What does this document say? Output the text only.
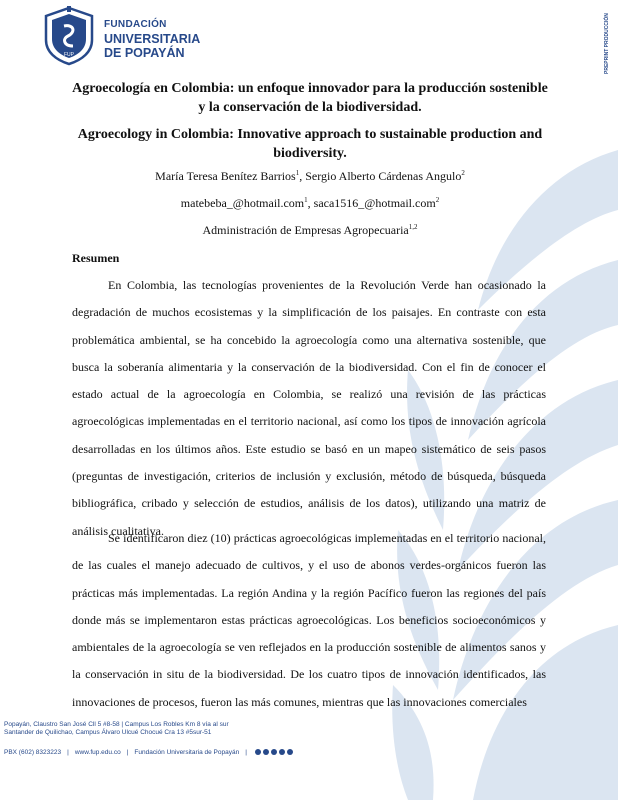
FUP
FUNDACIÓN
UNIVERSITARIA
DE POPAYÁN	PREPRINT PRODUCCIÓN
Agroecología en Colombia: un enfoque innovador para la producción sostenible y la conservación de la biodiversidad.
Agroecology in Colombia: Innovative approach to sustainable production and biodiversity.
María Teresa Benítez Barrios$^1$, Sergio Alberto Cárdenas Angulo$^2$
matebeba_@hotmail.com$^1$, saca1516_@hotmail.com$^2$
Administración de Empresas Agropecuaria$^{1,2}$
Resumen

En Colombia, las tecnologías provenientes de la Revolución Verde han ocasionado la degradación de muchos ecosistemas y la simplificación de los paisajes. En contraste con esta problemática ambiental, se ha concebido la agroecología como una alternativa sostenible, que busca la soberanía alimentaria y la conservación de la biodiversidad. Con el fin de conocer el estado actual de la agroecología en Colombia, se realizó una revisión de las prácticas agroecológicas implementadas en el territorio nacional, así como los tipos de innovación agrícola desarrolladas en los últimos años. Este estudio se basó en un mapeo sistemático de seis pasos (preguntas de investigación, criterios de inclusión y exclusión, método de búsqueda, búsqueda bibliográfica, cribado y selección de estudios, análisis de los datos), utilizando una matriz de análisis cualitativa.

Se identificaron diez (10) prácticas agroecológicas implementadas en el territorio nacional, de las cuales el manejo adecuado de cultivos, y el uso de abonos verdes-orgánicos fueron las prácticas más implementadas. La región Andina y la región Pacífico fueron las regiones del país donde más se implementaron estas prácticas agroecológicas. Los beneficios socioeconómicos y ambientales de la agroecología se ven reflejados en la producción sostenible de alimentos sanos y la conservación in situ de la biodiversidad. De los cuatro tipos de innovación identificados, las innovaciones de procesos, fueron las más comunes, mientras que las innovaciones comerciales

Popayán, Claustro San José Cll 5 #8-58 | Campus Los Robles Km 8 vía al sur
Santander de Quilichao, Campus Álvaro Ulcué Chocué Cra 13 #5sur-51
PBX (602) 8323223 | www.fup.edu.co | Fundación Universitaria de Popayán |
